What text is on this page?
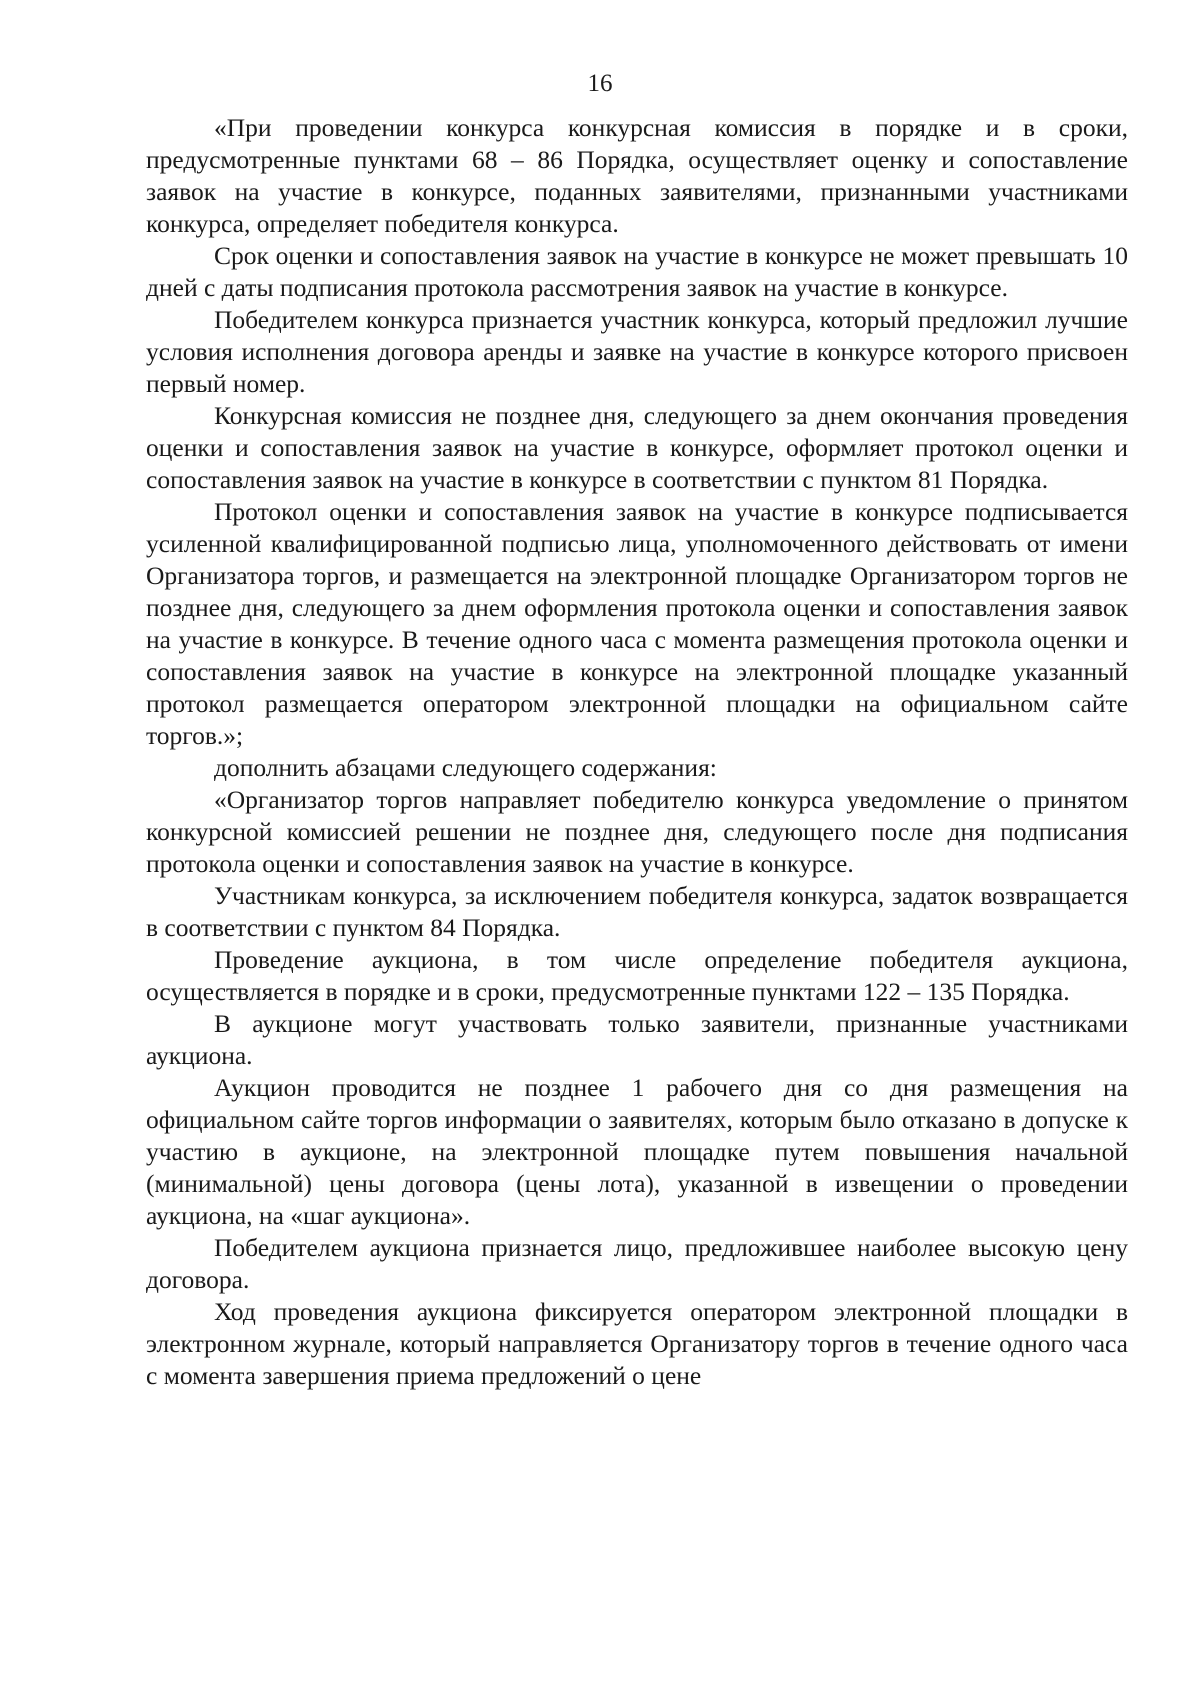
16

«При проведении конкурса конкурсная комиссия в порядке и в сроки, предусмотренные пунктами 68 – 86 Порядка, осуществляет оценку и сопоставление заявок на участие в конкурсе, поданных заявителями, признанными участниками конкурса, определяет победителя конкурса.

Срок оценки и сопоставления заявок на участие в конкурсе не может превышать 10 дней с даты подписания протокола рассмотрения заявок на участие в конкурсе.

Победителем конкурса признается участник конкурса, который предложил лучшие условия исполнения договора аренды и заявке на участие в конкурсе которого присвоен первый номер.

Конкурсная комиссия не позднее дня, следующего за днем окончания проведения оценки и сопоставления заявок на участие в конкурсе, оформляет протокол оценки и сопоставления заявок на участие в конкурсе в соответствии с пунктом 81 Порядка.

Протокол оценки и сопоставления заявок на участие в конкурсе подписывается усиленной квалифицированной подписью лица, уполномоченного действовать от имени Организатора торгов, и размещается на электронной площадке Организатором торгов не позднее дня, следующего за днем оформления протокола оценки и сопоставления заявок на участие в конкурсе. В течение одного часа с момента размещения протокола оценки и сопоставления заявок на участие в конкурсе на электронной площадке указанный протокол размещается оператором электронной площадки на официальном сайте торгов.»;

дополнить абзацами следующего содержания:

«Организатор торгов направляет победителю конкурса уведомление о принятом конкурсной комиссией решении не позднее дня, следующего после дня подписания протокола оценки и сопоставления заявок на участие в конкурсе.

Участникам конкурса, за исключением победителя конкурса, задаток возвращается в соответствии с пунктом 84 Порядка.

Проведение аукциона, в том числе определение победителя аукциона, осуществляется в порядке и в сроки, предусмотренные пунктами 122 – 135 Порядка.

В аукционе могут участвовать только заявители, признанные участниками аукциона.

Аукцион проводится не позднее 1 рабочего дня со дня размещения на официальном сайте торгов информации о заявителях, которым было отказано в допуске к участию в аукционе, на электронной площадке путем повышения начальной (минимальной) цены договора (цены лота), указанной в извещении о проведении аукциона, на «шаг аукциона».

Победителем аукциона признается лицо, предложившее наиболее высокую цену договора.

Ход проведения аукциона фиксируется оператором электронной площадки в электронном журнале, который направляется Организатору торгов в течение одного часа с момента завершения приема предложений о цене
